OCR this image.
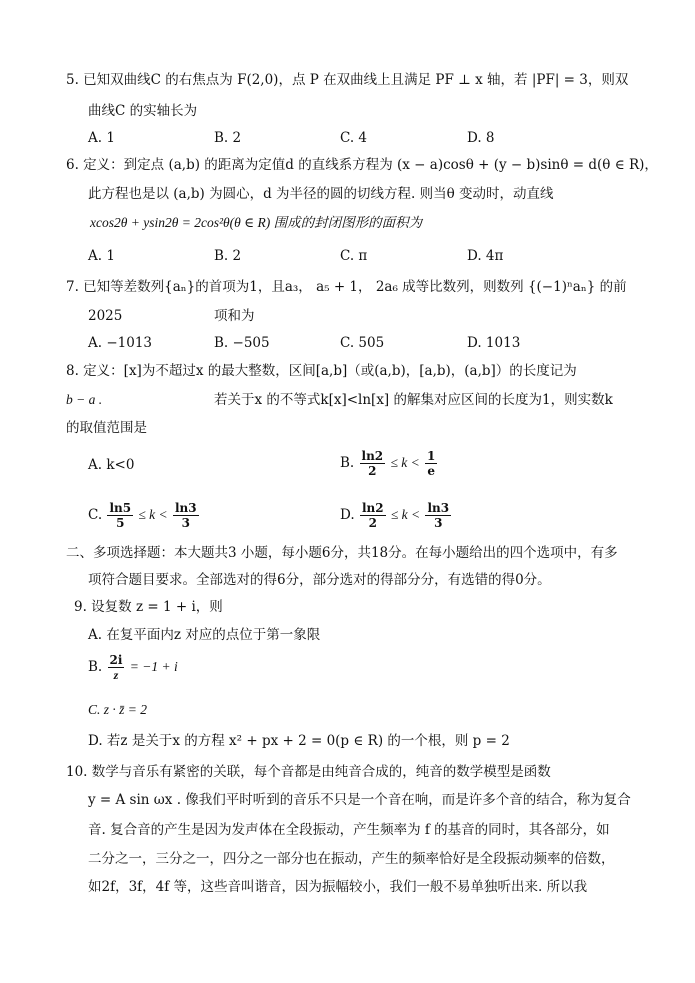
5. 已知双曲线C 的右焦点为 F(2,0)，点 P 在双曲线上且满足 PF ⊥ x 轴，若 |PF| = 3，则双
曲线C 的实轴长为
A. 1	B. 2	C. 4	D. 8
6. 定义：到定点 (a,b) 的距离为定值d 的直线系方程为 (x − a)cosθ + (y − b)sinθ = d(θ ∈ R)，
此方程也是以 (a,b) 为圆心，d 为半径的圆的切线方程. 则当θ 变动时，动直线
xcos2θ + ysin2θ = 2cos²θ(θ ∈ R) 围成的封闭图形的面积为
A. 1	B. 2	C. π	D. 4π
7. 已知等差数列{aₙ}的首项为1，且a₃， a₅ + 1， 2a₆ 成等比数列，则数列 {(−1)ⁿaₙ} 的前
2025	项和为
A. −1013	B. −505	C. 505	D. 1013
8. 定义：[x]为不超过x 的最大整数，区间[a,b]（或(a,b)，[a,b)，(a,b]）的长度记为
b − a .	若关于x 的不等式k[x]<ln[x] 的解集对应区间的长度为1，则实数k
的取值范围是
A. k<0	B. $\frac{\ln 2}{2} \le k < \frac{1}{e}$
C. $\frac{\ln 5}{5} \le k < \frac{\ln 3}{3}$	D. $\frac{\ln 2}{2} \le k < \frac{\ln 3}{3}$
二、多项选择题：本大题共3 小题，每小题6分，共18分。在每小题给出的四个选项中，有多
项符合题目要求。全部选对的得6分，部分选对的得部分分，有选错的得0分。
9. 设复数 z = 1 + i，则
A. 在复平面内z 对应的点位于第一象限
B. $\frac{2i}{z} = -1 + i$
C. z · z̄ = 2
D. 若z 是关于x 的方程 x² + px + 2 = 0(p ∈ R) 的一个根，则 p = 2
10. 数学与音乐有紧密的关联，每个音都是由纯音合成的，纯音的数学模型是函数
y = A sin ωx . 像我们平时听到的音乐不只是一个音在响，而是许多个音的结合，称为复合
音. 复合音的产生是因为发声体在全段振动，产生频率为 f 的基音的同时，其各部分，如
二分之一，三分之一，四分之一部分也在振动，产生的频率恰好是全段振动频率的倍数，
如2f，3f，4f 等，这些音叫谐音，因为振幅较小，我们一般不易单独听出来. 所以我
